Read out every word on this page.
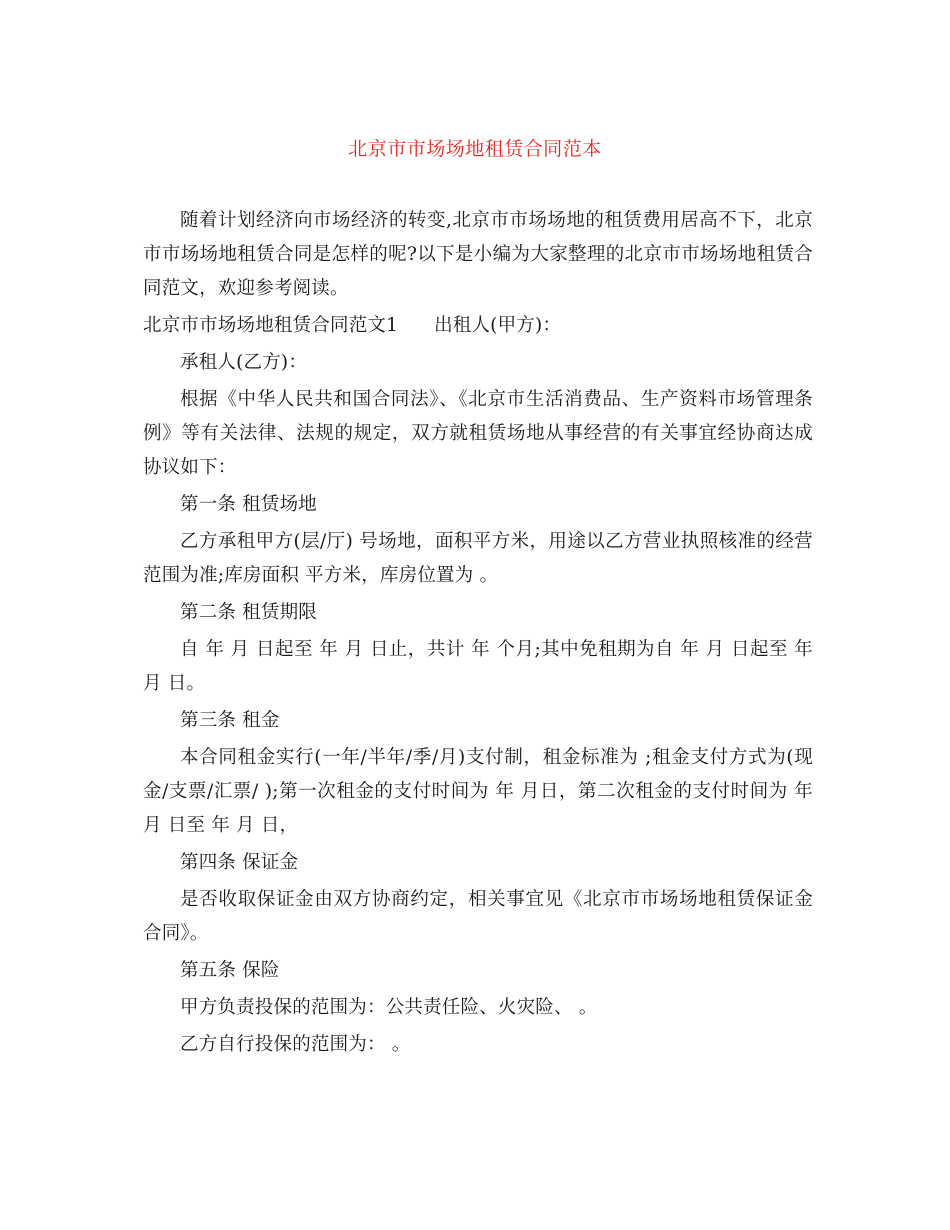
北京市市场场地租赁合同范本

随着计划经济向市场经济的转变,北京市市场场地的租赁费用居高不下，北京市市场场地租赁合同是怎样的呢?以下是小编为大家整理的北京市市场场地租赁合同范文，欢迎参考阅读。

北京市市场场地租赁合同范文1 出租人(甲方)：

承租人(乙方)：

根据《中华人民共和国合同法》、《北京市生活消费品、生产资料市场管理条例》等有关法律、法规的规定，双方就租赁场地从事经营的有关事宜经协商达成协议如下：

第一条 租赁场地

乙方承租甲方(层/厅) 号场地，面积平方米，用途以乙方营业执照核准的经营范围为准;库房面积 平方米，库房位置为 。

第二条 租赁期限

自 年 月 日起至 年 月 日止，共计 年 个月;其中免租期为自 年 月 日起至 年 月 日。

第三条 租金

本合同租金实行(一年/半年/季/月)支付制，租金标准为 ;租金支付方式为(现金/支票/汇票/ );第一次租金的支付时间为 年 月日，第二次租金的支付时间为 年 月 日至 年 月 日，

第四条 保证金

是否收取保证金由双方协商约定，相关事宜见《北京市市场场地租赁保证金合同》。

第五条 保险

甲方负责投保的范围为：公共责任险、火灾险、 。

乙方自行投保的范围为： 。
